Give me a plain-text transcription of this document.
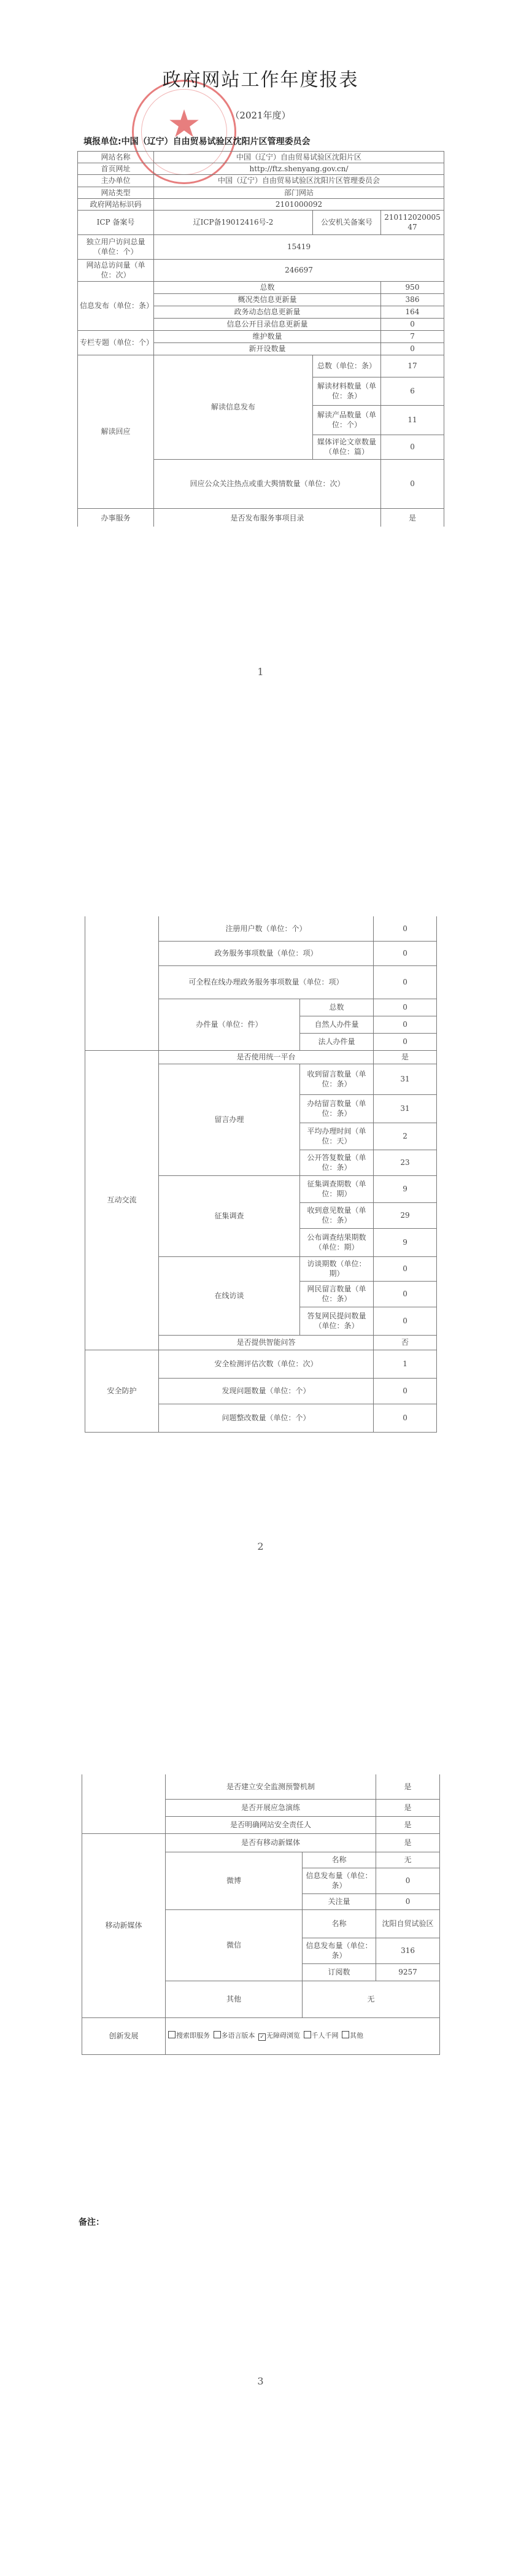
★
政府网站工作年度报表
（2021年度）
填报单位:中国（辽宁）自由贸易试验区沈阳片区管理委员会
网站名称	中国（辽宁）自由贸易试验区沈阳片区		
首页网址	http://ftz.shenyang.gov.cn/		
主办单位	中国（辽宁）自由贸易试验区沈阳片区管理委员会		
网站类型	部门网站		
政府网站标识码	2101000092		
ICP 备案号	辽ICP备19012416号-2	公安机关备案号	21011202000547
独立用户访问总量（单位：个）	15419		
网站总访问量（单位：次）	246697		
信息发布（单位：条）	总数		950
	概况类信息更新量		386
	政务动态信息更新量		164
	信息公开目录信息更新量		0
专栏专题（单位：个）	维护数量		7
	新开设数量		0
解读回应	解读信息发布	总数（单位：条）	17
		解读材料数量（单位：条）	6
		解读产品数量（单位：个）	11
		媒体评论文章数量（单位：篇）	0
	回应公众关注热点或重大舆情数量（单位：次）		0
办事服务	是否发布服务事项目录		是
1
	注册用户数（单位：个）		0
	政务服务事项数量（单位：项）		0
	可全程在线办理政务服务事项数量（单位：项）		0
	办件量（单位：件）	总数	0
		自然人办件量	0
		法人办件量	0

互动交流	是否使用统一平台		是
	留言办理	收到留言数量（单位：条）	31
		办结留言数量（单位：条）	31
		平均办理时间（单位：天）	2
		公开答复数量（单位：条）	23
	征集调查	征集调查期数（单位：期）	9
		收到意见数量（单位：条）	29
		公布调查结果期数（单位：期）	9
	在线访谈	访谈期数（单位：期）	0
		网民留言数量（单位：条）	0
		答复网民提问数量（单位：条）	0
	是否提供智能问答		否

安全防护	安全检测评估次数（单位：次）		1
	发现问题数量（单位：个）		0
	问题整改数量（单位：个）		0
2
	是否建立安全监测预警机制		是
	是否开展应急演练		是
	是否明确网站安全责任人		是
移动新媒体	是否有移动新媒体		是
	微博	名称	无
		信息发布量（单位：条）	0
		关注量	0
	微信	名称	沈阳自贸试验区
		信息发布量（单位：条）	316
		订阅数	9257
	其他	无	
创新发展	搜索即服务 多语言版本 ✓ 无障碍浏览 千人千网 其他		
3
备注：
